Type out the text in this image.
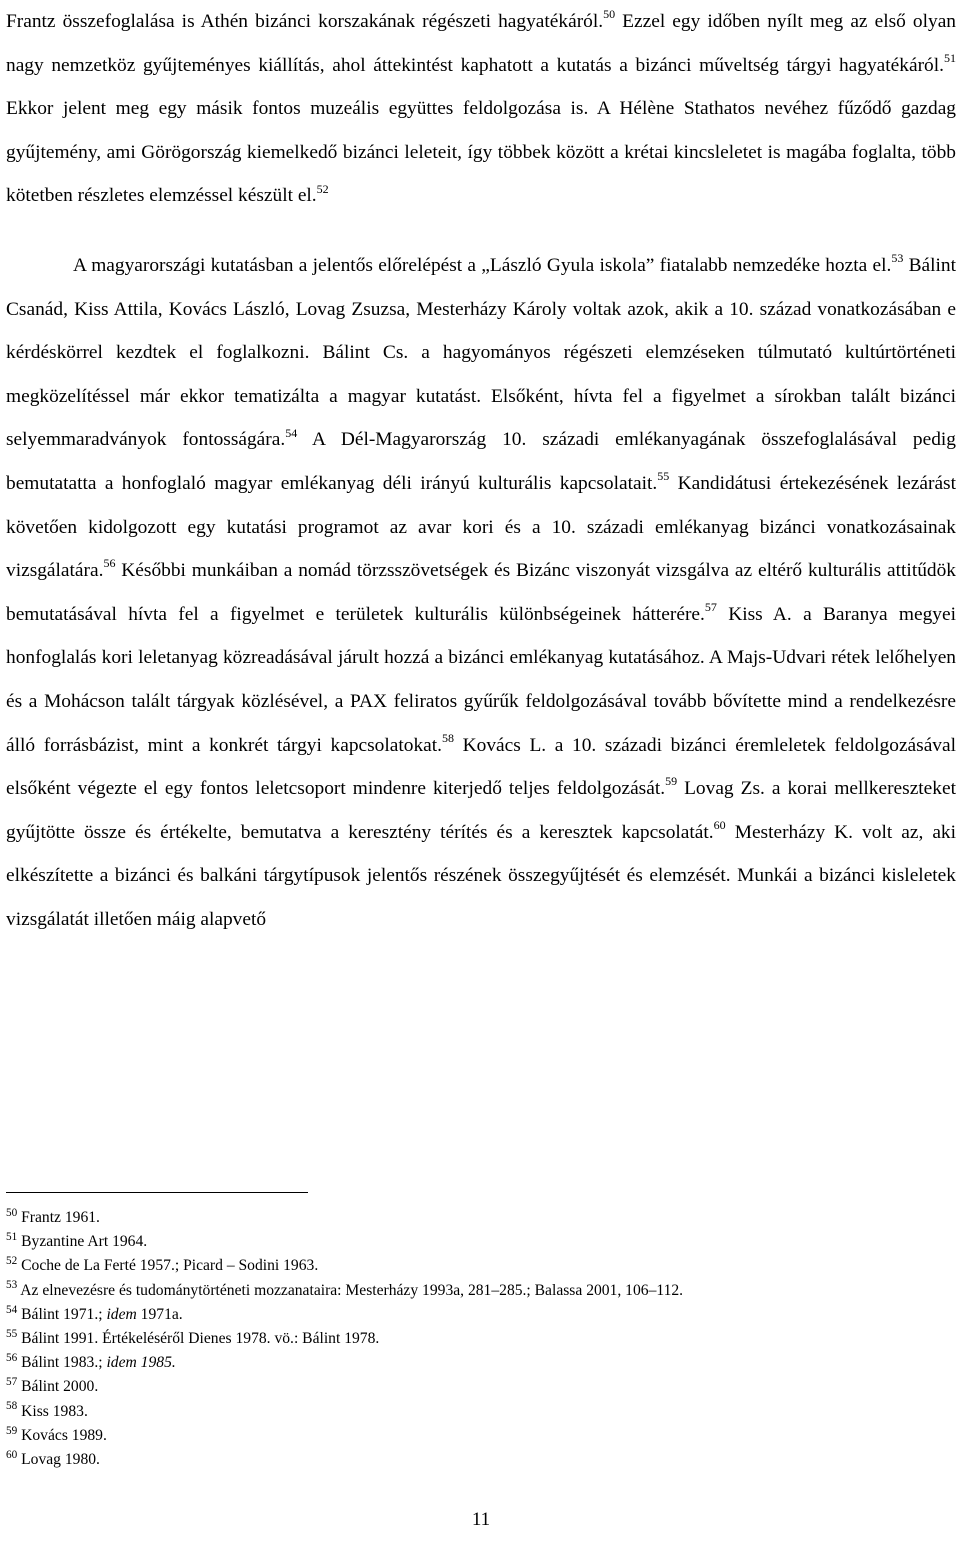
Frantz összefoglalása is Athén bizánci korszakának régészeti hagyatékáról.$^{50}$ Ezzel egy időben nyílt meg az első olyan nagy nemzetköz gyűjteményes kiállítás, ahol áttekintést kaphatott a kutatás a bizánci műveltség tárgyi hagyatékáról.$^{51}$ Ekkor jelent meg egy másik fontos muzeális együttes feldolgozása is. A Hélène Stathatos nevéhez fűződő gazdag gyűjtemény, ami Görögország kiemelkedő bizánci leleteit, így többek között a krétai kincsleletet is magába foglalta, több kötetben részletes elemzéssel készült el.$^{52}$

A magyarországi kutatásban a jelentős előrelépést a „László Gyula iskola” fiatalabb nemzedéke hozta el.$^{53}$ Bálint Csanád, Kiss Attila, Kovács László, Lovag Zsuzsa, Mesterházy Károly voltak azok, akik a 10. század vonatkozásában e kérdéskörrel kezdtek el foglalkozni. Bálint Cs. a hagyományos régészeti elemzéseken túlmutató kultúrtörténeti megközelítéssel már ekkor tematizálta a magyar kutatást. Elsőként, hívta fel a figyelmet a sírokban talált bizánci selyemmaradványok fontosságára.$^{54}$ A Dél-Magyarország 10. századi emlékanyagának összefoglalásával pedig bemutatatta a honfoglaló magyar emlékanyag déli irányú kulturális kapcsolatait.$^{55}$ Kandidátusi értekezésének lezárást követően kidolgozott egy kutatási programot az avar kori és a 10. századi emlékanyag bizánci vonatkozásainak vizsgálatára.$^{56}$ Későbbi munkáiban a nomád törzsszövetségek és Bizánc viszonyát vizsgálva az eltérő kulturális attitűdök bemutatásával hívta fel a figyelmet e területek kulturális különbségeinek hátterére.$^{57}$ Kiss A. a Baranya megyei honfoglalás kori leletanyag közreadásával járult hozzá a bizánci emlékanyag kutatásához. A Majs-Udvari rétek lelőhelyen és a Mohácson talált tárgyak közlésével, a PAX feliratos gyűrűk feldolgozásával tovább bővítette mind a rendelkezésre álló forrásbázist, mint a konkrét tárgyi kapcsolatokat.$^{58}$ Kovács L. a 10. századi bizánci éremleletek feldolgozásával elsőként végezte el egy fontos leletcsoport mindenre kiterjedő teljes feldolgozását.$^{59}$ Lovag Zs. a korai mellkereszteket gyűjtötte össze és értékelte, bemutatva a keresztény térítés és a keresztek kapcsolatát.$^{60}$ Mesterházy K. volt az, aki elkészítette a bizánci és balkáni tárgytípusok jelentős részének összegyűjtését és elemzését. Munkái a bizánci kisleletek vizsgálatát illetően máig alapvető

$^{50}$ Frantz 1961.
$^{51}$ Byzantine Art 1964.
$^{52}$ Coche de La Ferté 1957.; Picard – Sodini 1963.
$^{53}$ Az elnevezésre és tudománytörténeti mozzanataira: Mesterházy 1993a, 281–285.; Balassa 2001, 106–112.
$^{54}$ Bálint 1971.; idem 1971a.
$^{55}$ Bálint 1991. Értékeléséről Dienes 1978. vö.: Bálint 1978.
$^{56}$ Bálint 1983.; idem 1985.
$^{57}$ Bálint 2000.
$^{58}$ Kiss 1983.
$^{59}$ Kovács 1989.
$^{60}$ Lovag 1980.
11
